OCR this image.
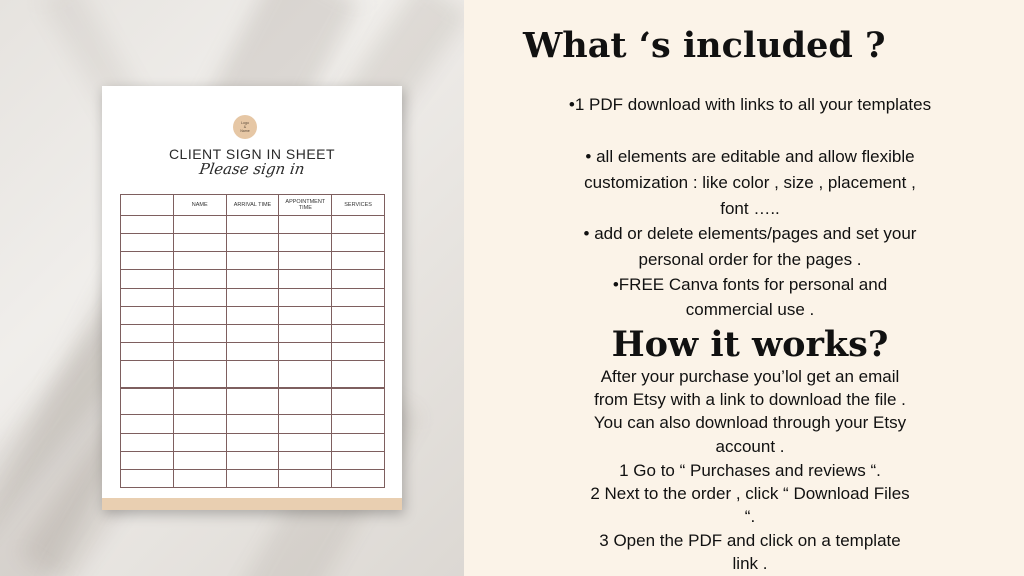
Logo
&
Name
CLIENT SIGN IN SHEET
Please sign in
	NAME	ARRIVAL TIME	APPOINTMENT TIME	SERVICES

What ‘s included ?

•1 PDF download with links to all your templates

• all elements are editable and allow flexible

customization : like color , size , placement ,

font …..

• add or delete elements/pages and set your

personal order for the pages .

•FREE Canva fonts for personal and

commercial use .

How it works?

After your purchase you’lol get an email

from Etsy with a link to download the file .

You can also download through your Etsy

account .

1 Go to “ Purchases and reviews “.

2 Next to the order , click “ Download Files

“.

3 Open the PDF and click on a template

link .
